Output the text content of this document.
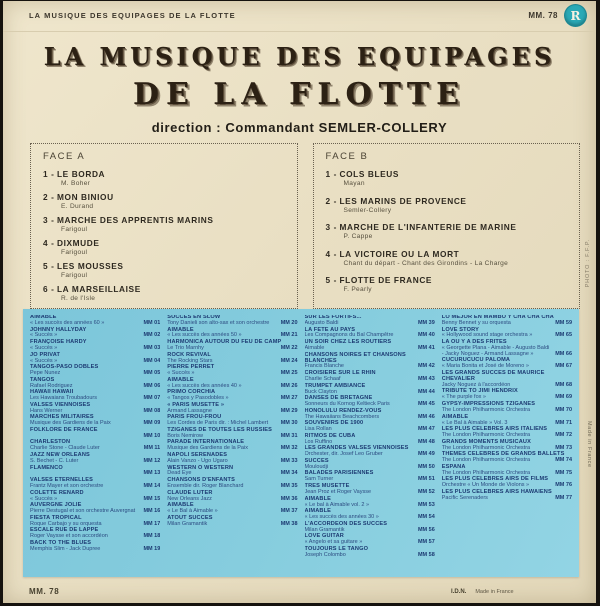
LA MUSIQUE DES EQUIPAGES DE LA FLOTTE	MM. 78	R
LA MUSIQUE DES EQUIPAGES
DE LA FLOTTE
direction : Commandant SEMLER-COLLERY
FACE A
1 - LE BORDA
M. Boher
2 - MON BINIOU
E. Durand
3 - MARCHE DES APPRENTIS MARINS
Farigoul
4 - DIXMUDE
Farigoul
5 - LES MOUSSES
Farigoul
6 - LA MARSEILLAISE
R. de l'Isle
FACE B
1 - COLS BLEUS
Mayan
2 - LES MARINS DE PROVENCE
Semler-Collery
3 - MARCHE DE L'INFANTERIE DE MARINE
P. Cappe
4 - LA VICTOIRE OU LA MORT
Chant du départ - Chant des Girondins - La Charge
5 - FLOTTE DE FRANCE
F. Pearly
PHOTO : F.F.P.
AIMABLE
« Les succès des années 60 »	MM 01
JOHNNY HALLYDAY
« Succès »	MM 02
FRANÇOISE HARDY
« Succès »	MM 03
JO PRIVAT
« Succès »	MM 04
TANGOS-PASO DOBLES
Pepe Nunez	MM 05
TANGOS
Rafael Rodriguez	MM 06
HAWAII HAWAII
Les Hawaians Troubadours	MM 07
VALSES VIENNOISES
Hans Werner	MM 08
MARCHES MILITAIRES
Musique des Gardiens de la Paix	MM 09
FOLKLORE DE FRANCE
MM 10
CHARLESTON
Charlie Stone - Claude Luter	MM 11
JAZZ NEW ORLEANS
S. Bechet - C. Luter	MM 12
FLAMENCO
MM 13
VALSES ETERNELLES
Frantz Mayer et son orchestre	MM 14
COLETTE RENARD
« Succès »	MM 15
AUVERGNE JOLIE
Pierre Destugal et son orchestre Auvergnat MM 16
FIESTA TROPICAL
Roque Carbajo y su orquesta	MM 17
ESCALE RUE DE LAPPE
Roger Vaysse et son accordéon	MM 18
BACK TO THE BLUES
Memphis Slim - Jack Dupree	MM 19
SUCCES EN SLOW
Tony Danieli son alto-sax et son orchestre MM 20
AIMABLE
« Les succès des années 50 »	MM 21
HARMONICA AUTOUR DU FEU DE CAMP
Le Trio Marnhy	MM 22
ROCK REVIVAL
The Rocking Stars	MM 24
PIERRE PERRET
« Succès »	MM 25
AIMABLE
« Les succès des années 40 »	MM 26
PRIMO CORCHIA
« Tangos y Pasodobles »	MM 27
« PARIS MUSETTE »
Armand Lassagne	MM 29
PARIS FROU-FROU
Les Cordes de Paris dir. : Michel Lambert MM 30
TZIGANES DE TOUTES LES RUSSIES
Boris Nemirow	MM 31
PARADE INTERNATIONALE
Musique des Gardiens de la Paix	MM 32
NAPOLI SERENADES
Alain Vanzo - Ugo Ugaro	MM 33
WESTERN O WESTERN
Dead Eye	MM 34
CHANSONS D'ENFANTS
Ensemble dir. Roger Blanchard	MM 35
CLAUDE LUTER
New Orleans Jazz	MM 36
AIMABLE
« Le Bal à Aimable »	MM 37
ATOUT SUCCES
Milan Gramantik	MM 38
SUR LES FORTIFS...
Augusto Baldi	MM 39
LA FETE AU PAYS
Les Compagnons du Bal Champêtre	MM 40
UN SOIR CHEZ LES ROUTIERS
Aimable	MM 41
CHANSONS NOIRES ET CHANSONS BLANCHES
Francis Blanche	MM 42
CROISIERE SUR LE RHIN
Charlie Schaaf	MM 43
TRUMPET AMBIANCE
Buck Clayton	MM 44
DANSES DE BRETAGNE
Sonneurs du Kornog Keltieck Paris	MM 45
HONOLULU RENDEZ-VOUS
The Hawaiians Beachcombers	MM 46
SOUVENIRS DE 1900
Lisa Rollan	MM 47
RITMOS DE CUBA
Los Ruffino	MM 48
LES GRANDES VALSES VIENNOISES
Orchester, dir. Josef Leo Gruber	MM 49
SUCCES
Mouloudji	MM 50
BALADES PARISIENNES
Sam Turner	MM 51
TRES MUSETTE
Jean Proz et Roger Vaysse	MM 52
AIMABLE
« Le bal à Aimable vol. 2 »	MM 53
AIMABLE
« Les succès des années 30 »	MM 54
L'ACCORDEON DES SUCCES
Milan Gramantik	MM 56
LOVE GUITAR
« Angelo et sa guitare »	MM 57
TOUJOURS LE TANGO
Joseph Colombo	MM 58
LO MEJOR EN MAMBO Y CHA CHA CHA
Benny Bennet y su orquesta	MM 59
LOVE STORY
« Hollywood sound stage orchestra »	MM 65
LA OU Y A DES FRITES
« Georgette Plana - Aimable - Augusto Baldi - Jacky Noguez - Armand Lassagne »	MM 66
CUCURUCUCU PALOMA
« Maria Bonita et José de Moreno »	MM 67
LES GRANDS SUCCES DE MAURICE CHEVALIER
Jacky Noguez à l'accordéon	MM 68
TRIBUTE TO JIMI HENDRIX
« The purple fox »	MM 69
GYPSY-IMPRESSIONS TZIGANES
The London Philharmonic Orchestra	MM 70
AIMABLE
« Le Bal à Aimable » Vol. 3	MM 71
LES PLUS CELEBRES AIRS ITALIENS
The London Philharmonic Orchestra	MM 72
GRANDS MOMENTS MUSICAUX
The London Philharmonic Orchestra	MM 73
THEMES CELEBRES DE GRANDS BALLETS
The London Philharmonic Orchestra	MM 74
ESPANA
The London Philharmonic Orchestra	MM 75
LES PLUS CELEBRES AIRS DE FILMS
Orchestre « Un Monde de Violons »	MM 76
LES PLUS CELEBRES AIRS HAWAIENS
Pacific Serenaders	MM 77
MM. 78	I.D.N. Made in France
Made in France
